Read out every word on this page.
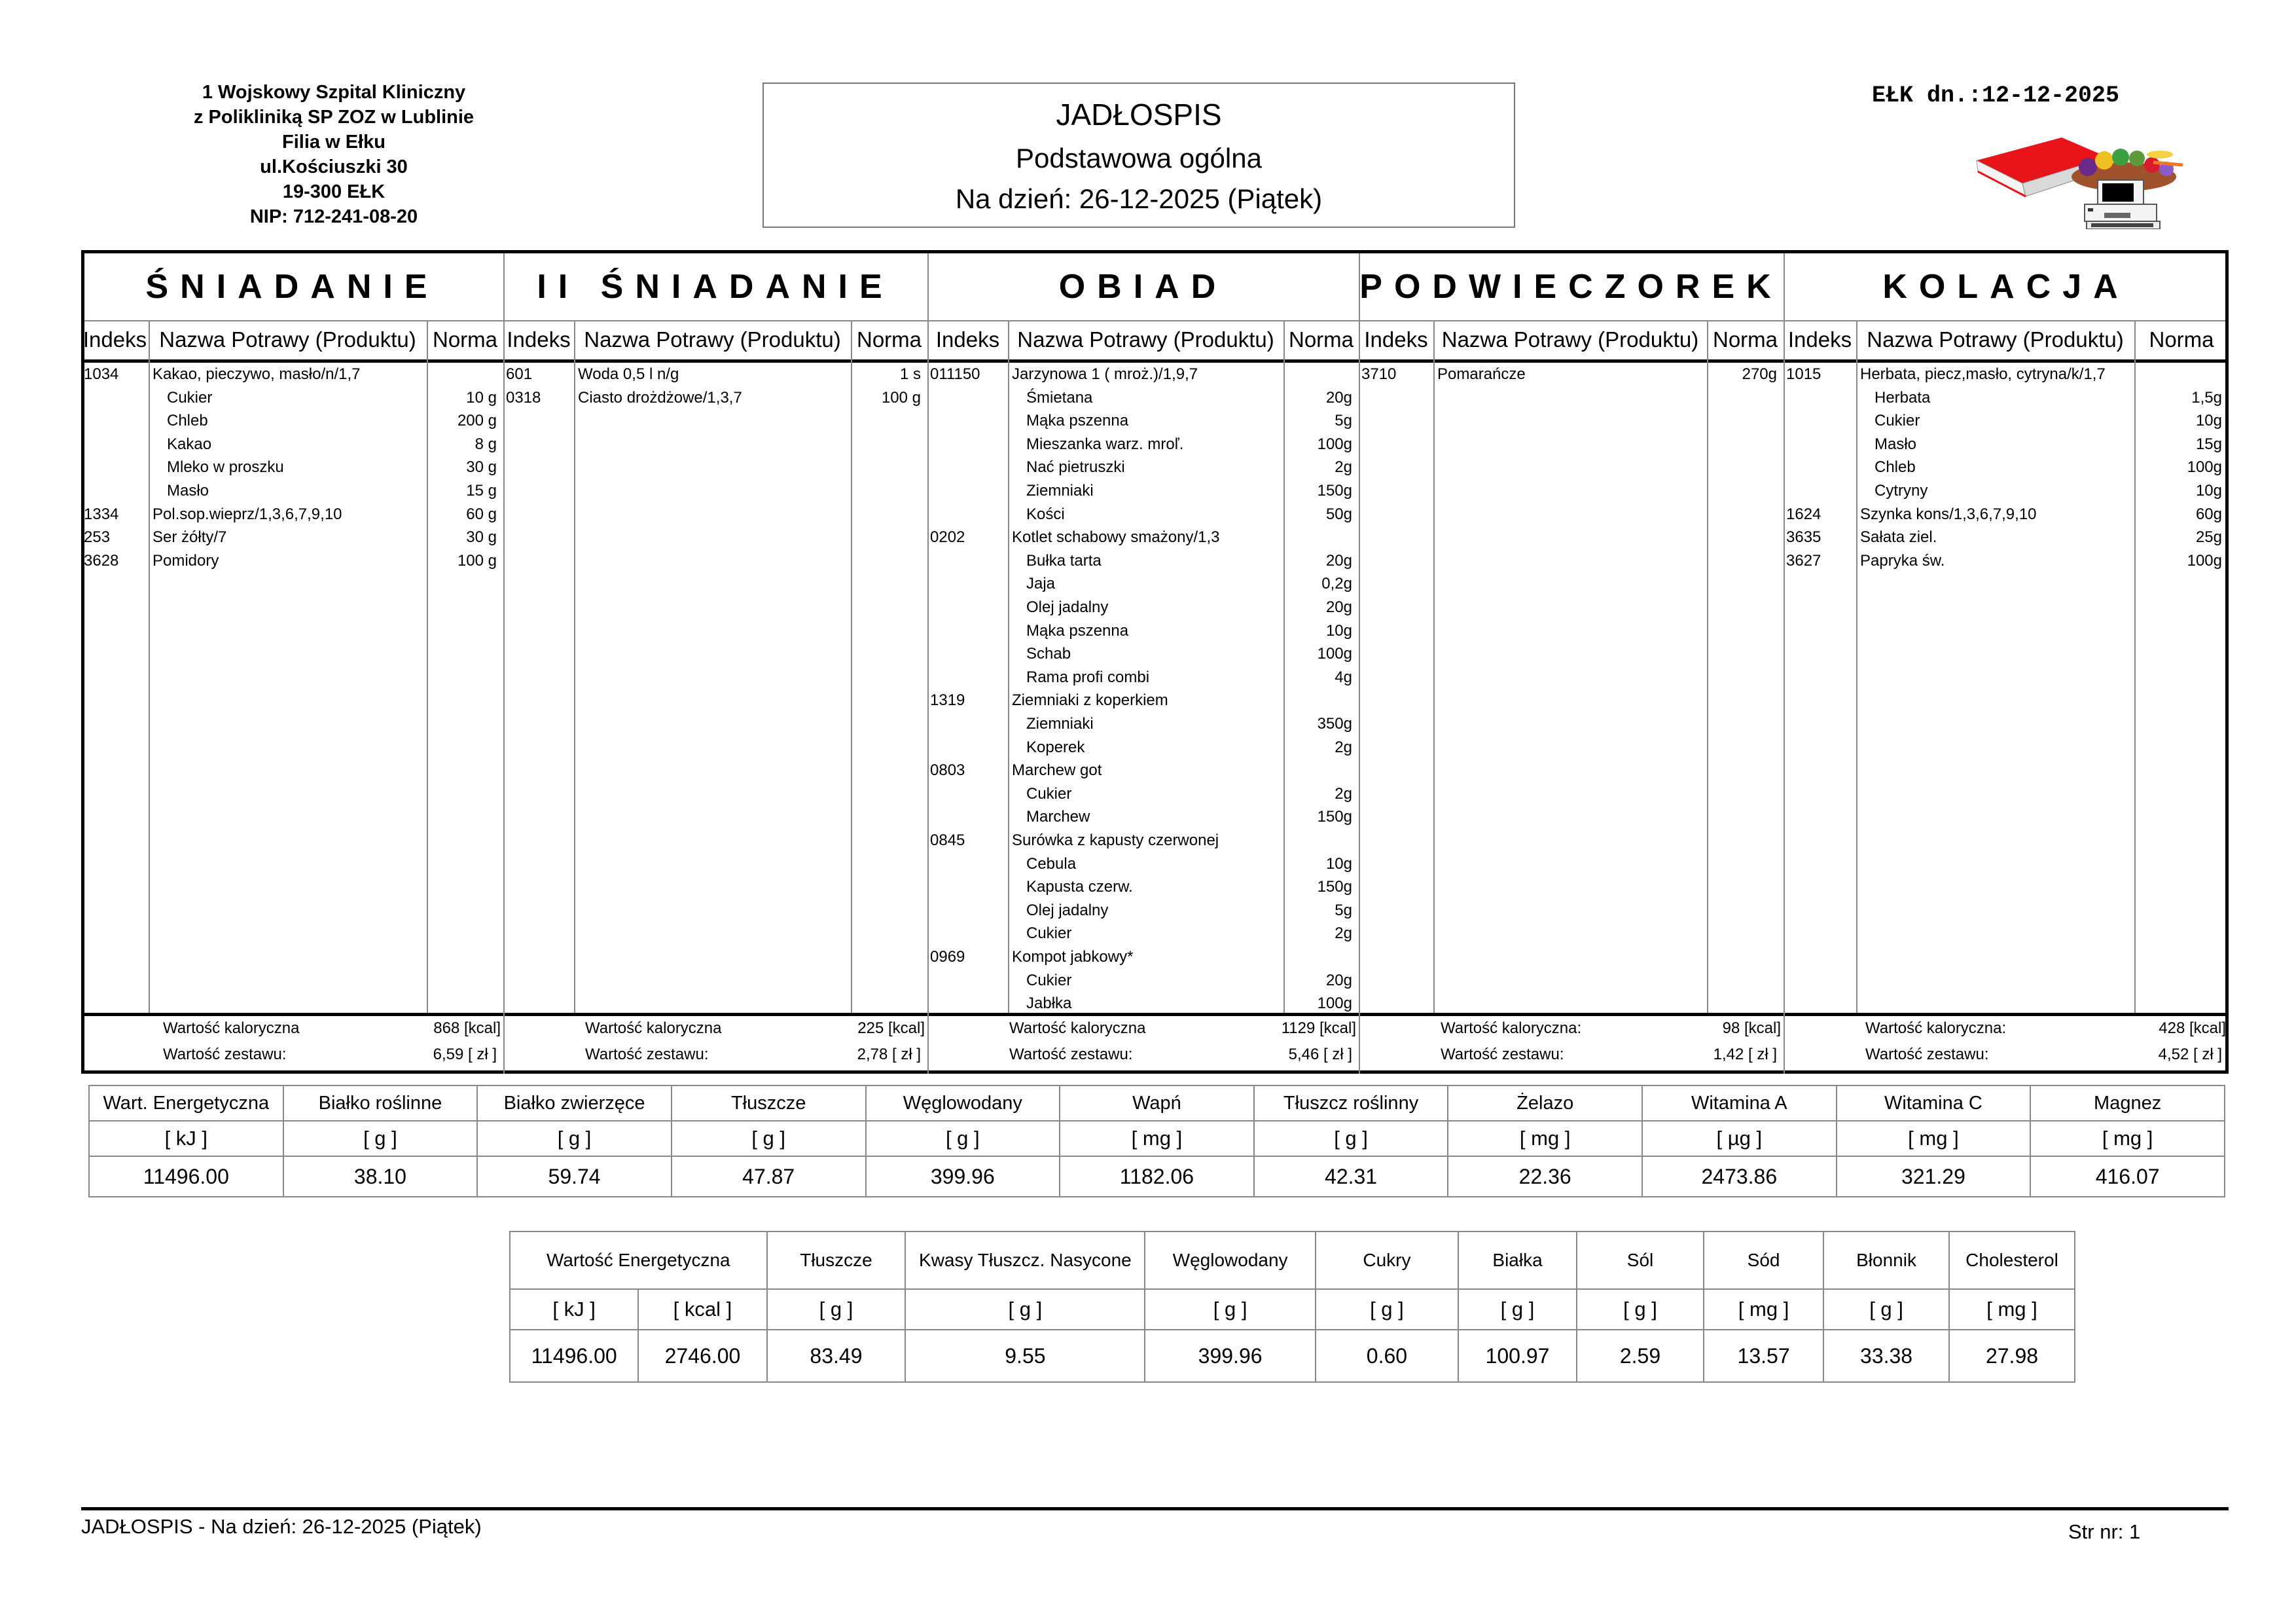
1 Wojskowy Szpital Kliniczny
z Polikliniką SP ZOZ w Lublinie
Filia w Ełku
ul.Kościuszki 30
19-300 EŁK
NIP: 712-241-08-20
JADŁOSPIS
Podstawowa ogólna
Na dzień: 26-12-2025 (Piątek)
EŁK dn.:12-12-2025
ŚNIADANIE
Indeks Nazwa Potrawy (Produktu) Norma
1034	Kakao, pieczywo, masło/n/1,7
Cukier	10 g
Chleb	200 g
Kakao	8 g
Mleko w proszku	30 g
Masło	15 g
1334	Pol.sop.wieprz/1,3,6,7,9,10	60 g
253	Ser żółty/7	30 g
3628	Pomidory	100 g
Wartość kaloryczna	868 [kcal]
Wartość zestawu:	6,59 [ zł ]
II ŚNIADANIE
Indeks Nazwa Potrawy (Produktu) Norma
601	Woda 0,5 l n/g	1 s
0318	Ciasto drożdżowe/1,3,7	100 g
Wartość kaloryczna	225 [kcal]
Wartość zestawu:	2,78 [ zł ]
OBIAD
Indeks Nazwa Potrawy (Produktu) Norma
011150	Jarzynowa 1 ( mroż.)/1,9,7
Śmietana	20g
Mąka pszenna	5g
Mieszanka warz. mroľ.	100g
Nać pietruszki	2g
Ziemniaki	150g
Kości	50g
0202	Kotlet schabowy smażony/1,3
Bułka tarta	20g
Jaja	0,2g
Olej jadalny	20g
Mąka pszenna	10g
Schab	100g
Rama profi combi	4g
1319	Ziemniaki z koperkiem
Ziemniaki	350g
Koperek	2g
0803	Marchew got
Cukier	2g
Marchew	150g
0845	Surówka z kapusty czerwonej
Cebula	10g
Kapusta czerw.	150g
Olej jadalny	5g
Cukier	2g
0969	Kompot jabkowy*
Cukier	20g
Jabłka	100g
Wartość kaloryczna	1129 [kcal]
Wartość zestawu:	5,46 [ zł ]
PODWIECZOREK
Indeks Nazwa Potrawy (Produktu) Norma
3710	Pomarańcze	270g
Wartość kaloryczna:	98 [kcal]
Wartość zestawu:	1,42 [ zł ]
KOLACJA
Indeks Nazwa Potrawy (Produktu)	Norma
1015	Herbata, piecz,masło, cytryna/k/1,7
Herbata	1,5g
Cukier	10g
Masło	15g
Chleb	100g
Cytryny	10g
1624	Szynka kons/1,3,6,7,9,10	60g
3635	Sałata ziel.	25g
3627	Papryka św.	100g
Wartość kaloryczna:	428 [kcal]
Wartość zestawu:	4,52 [ zł ]
Wart. Energetyczna	Białko roślinne	Białko zwierzęce	Tłuszcze	Węglowodany	Wapń	Tłuszcz roślinny	Żelazo	Witamina A	Witamina C	Magnez
[ kJ ]	[ g ]	[ g ]	[ g ]	[ g ]	[ mg ]	[ g ]	[ mg ]	[ µg ]	[ mg ]	[ mg ]
11496.00	38.10	59.74	47.87	399.96	1182.06	42.31	22.36	2473.86	321.29	416.07
Wartość Energetyczna		Tłuszcze	Kwasy Tłuszcz. Nasycone	Węglowodany	Cukry	Białka	Sól	Sód	Błonnik	Cholesterol
[ kJ ]	[ kcal ]	[ g ]	[ g ]	[ g ]	[ g ]	[ g ]	[ g ]	[ mg ]	[ g ]	[ mg ]
11496.00	2746.00	83.49	9.55	399.96	0.60	100.97	2.59	13.57	33.38	27.98
JADŁOSPIS - Na dzień: 26-12-2025 (Piątek)	Str nr: 1
